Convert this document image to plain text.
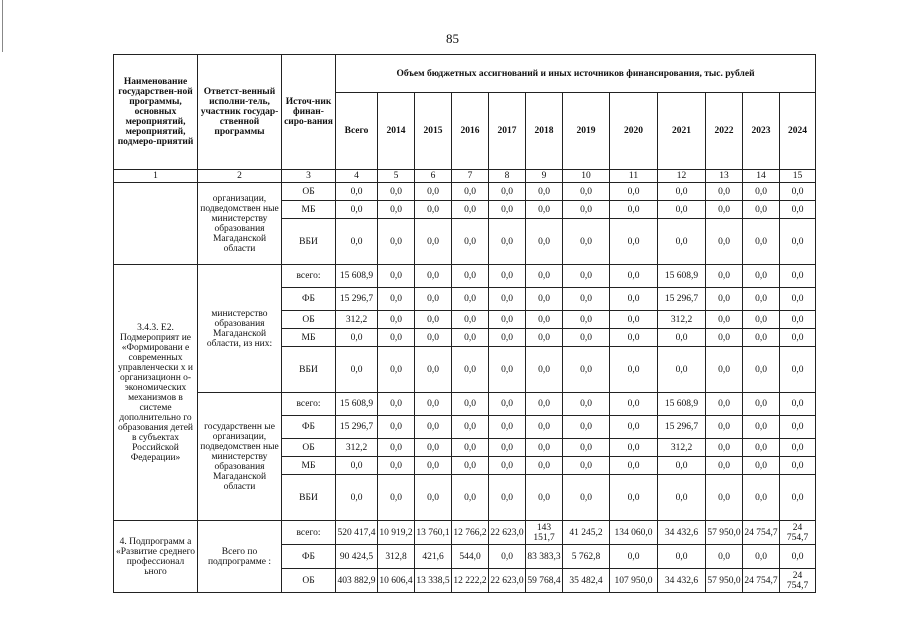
85
Наименование государствен-ной программы, основных мероприятий, мероприятий, подмеро-приятий	Ответст-венный исполни-тель, участник государ-ственной программы	Источ-ник финан-сиро-вания	Объем бюджетных ассигнований и иных источников финансирования, тыс. рублей											
			Всего	2014	2015	2016	2017	2018	2019	2020	2021	2022	2023	2024
1	2	3	4	5	6	7	8	9	10	11	12	13	14	15
	организации, подведомствен ные министерству образования Магаданской области	ОБ	0,0	0,0	0,0	0,0	0,0	0,0	0,0	0,0	0,0	0,0	0,0	0,0
		МБ	0,0	0,0	0,0	0,0	0,0	0,0	0,0	0,0	0,0	0,0	0,0	0,0
		ВБИ	0,0	0,0	0,0	0,0	0,0	0,0	0,0	0,0	0,0	0,0	0,0	0,0
3.4.3. Е2. Подмероприят ие «Формировани е современных управленчески х и организационн о-экономических механизмов в системе дополнительно го образования детей в субъектах Российской Федерации»	министерство образования Магаданской области, из них:	всего:	15 608,9	0,0	0,0	0,0	0,0	0,0	0,0	0,0	15 608,9	0,0	0,0	0,0
		ФБ	15 296,7	0,0	0,0	0,0	0,0	0,0	0,0	0,0	15 296,7	0,0	0,0	0,0
		ОБ	312,2	0,0	0,0	0,0	0,0	0,0	0,0	0,0	312,2	0,0	0,0	0,0
		МБ	0,0	0,0	0,0	0,0	0,0	0,0	0,0	0,0	0,0	0,0	0,0	0,0
		ВБИ	0,0	0,0	0,0	0,0	0,0	0,0	0,0	0,0	0,0	0,0	0,0	0,0
	государственн ые организации, подведомствен ные министерству образования Магаданской области	всего:	15 608,9	0,0	0,0	0,0	0,0	0,0	0,0	0,0	15 608,9	0,0	0,0	0,0
		ФБ	15 296,7	0,0	0,0	0,0	0,0	0,0	0,0	0,0	15 296,7	0,0	0,0	0,0
		ОБ	312,2	0,0	0,0	0,0	0,0	0,0	0,0	0,0	312,2	0,0	0,0	0,0
		МБ	0,0	0,0	0,0	0,0	0,0	0,0	0,0	0,0	0,0	0,0	0,0	0,0
		ВБИ	0,0	0,0	0,0	0,0	0,0	0,0	0,0	0,0	0,0	0,0	0,0	0,0
4. Подпрограмм а «Развитие среднего профессионал ьного	Всего по подпрограмме :	всего:	520 417,4	10 919,2	13 760,1	12 766,2	22 623,0	143 151,7	41 245,2	134 060,0	34 432,6	57 950,0	24 754,7	24 754,7
		ФБ	90 424,5	312,8	421,6	544,0	0,0	83 383,3	5 762,8	0,0	0,0	0,0	0,0	0,0
		ОБ	403 882,9	10 606,4	13 338,5	12 222,2	22 623,0	59 768,4	35 482,4	107 950,0	34 432,6	57 950,0	24 754,7	24 754,7
